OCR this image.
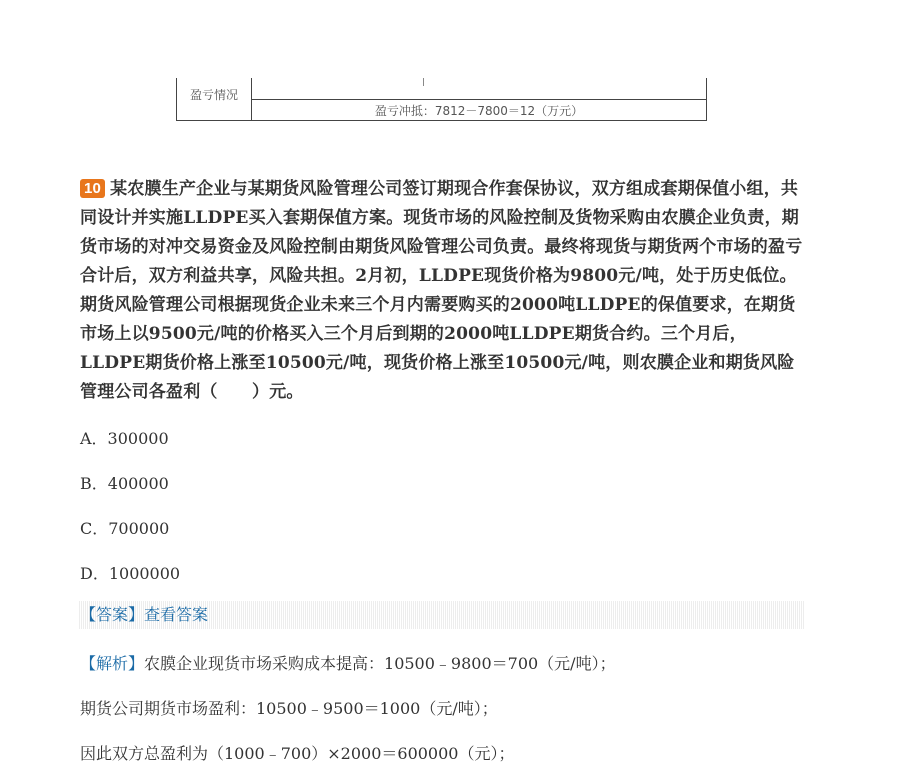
盈亏情况
盈亏冲抵：7812－7800＝12（万元）
10 某农膜生产企业与某期货风险管理公司签订期现合作套保协议，双方组成套期保值小组，共同设计并实施LLDPE买入套期保值方案。现货市场的风险控制及货物采购由农膜企业负责，期货市场的对冲交易资金及风险控制由期货风险管理公司负责。最终将现货与期货两个市场的盈亏合计后，双方利益共享，风险共担。2月初，LLDPE现货价格为9800元/吨，处于历史低位。期货风险管理公司根据现货企业未来三个月内需要购买的2000吨LLDPE的保值要求，在期货市场上以9500元/吨的价格买入三个月后到期的2000吨LLDPE期货合约。三个月后，LLDPE期货价格上涨至10500元/吨，现货价格上涨至10500元/吨，则农膜企业和期货风险管理公司各盈利（　　）元。
A．300000
B．400000
C．700000
D．1000000
【答案】查看答案
【解析】农膜企业现货市场采购成本提高：10500﹣9800＝700（元/吨）；
期货公司期货市场盈利：10500﹣9500＝1000（元/吨）；
因此双方总盈利为（1000﹣700）×2000＝600000（元）；
